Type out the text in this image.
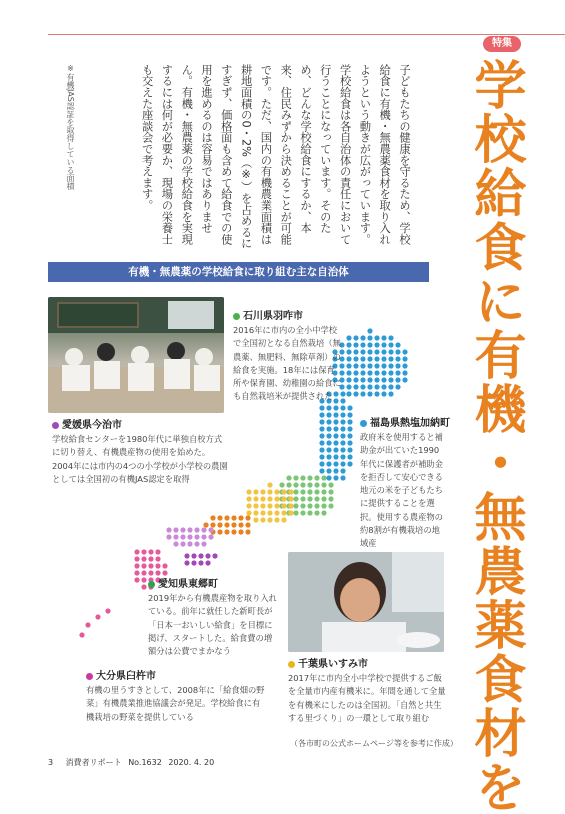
特集
学校給食に有機・無農薬食材を
子どもたちの健康を守るため、学校給食に有機・無農薬食材を取り入れようという動きが広がっています。学校給食は各自治体の責任において行うことになっています。そのため、どんな学校給食にするか、本来、住民みずから決めることが可能です。ただ、国内の有機農業面積は耕地面積の0・2%（※）を占めるにすぎず、価格面も含めて給食での使用を進めるのは容易ではありません。有機・無農薬の学校給食を実現するには何が必要か、現場の栄養士も交えた座談会で考えます。
※有機JAS認証を取得している面積
有機・無農薬の学校給食に取り組む主な自治体
石川県羽咋市
2016年に市内の全小中学校で全国初となる自然栽培（無農薬、無肥料、無除草剤）の給食を実施。18年には保育所や保育園、幼稚園の給食にも自然栽培米が提供された
愛媛県今治市
学校給食センターを1980年代に単独自校方式に切り替え、有機農産物の使用を始めた。2004年には市内の4つの小学校が小学校の農園としては全国初の有機JAS認定を取得
福島県熱塩加納町
政府米を使用すると補助金が出ていた1990年代に保護者が補助金を拒否して安心できる地元の米を子どもたちに提供することを選択。使用する農産物の約8割が有機栽培の地域産
愛知県東郷町
2019年から有機農産物を取り入れている。前年に就任した新町長が「日本一おいしい給食」を目標に掲げ、スタートした。給食費の増額分は公費でまかなう
千葉県いすみ市
2017年に市内全小中学校で提供するご飯を全量市内産有機米に。年間を通して全量を有機米にしたのは全国初。「自然と共生する里づくり」の一環として取り組む
大分県臼杵市
有機の里うすきとして、2008年に「給食畑の野菜」有機農業推進協議会が発足。学校給食に有機栽培の野菜を提供している
（各市町の公式ホームページ等を参考に作成）
3 消費者リポート No.1632 2020. 4. 20
